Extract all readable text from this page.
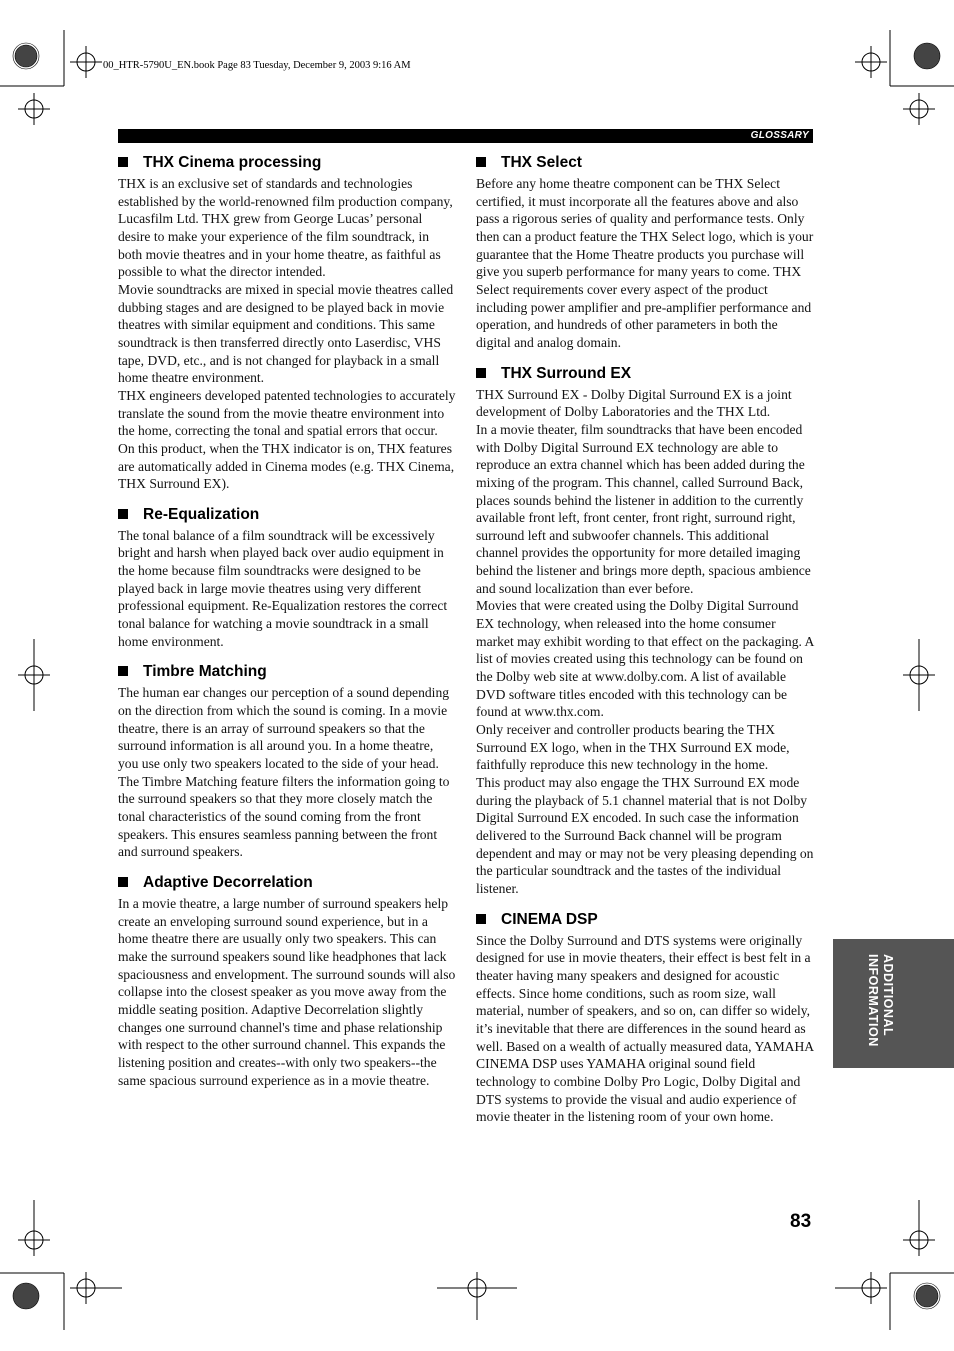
00_HTR-5790U_EN.book Page 83 Tuesday, December 9, 2003 9:16 AM
GLOSSARY
THX Cinema processing

THX is an exclusive set of standards and technologies established by the world-renowned film production company, Lucasfilm Ltd. THX grew from George Lucas’ personal desire to make your experience of the film soundtrack, in both movie theatres and in your home theatre, as faithful as possible to what the director intended.

Movie soundtracks are mixed in special movie theatres called dubbing stages and are designed to be played back in movie theatres with similar equipment and conditions. This same soundtrack is then transferred directly onto Laserdisc, VHS tape, DVD, etc., and is not changed for playback in a small home theatre environment.

THX engineers developed patented technologies to accurately translate the sound from the movie theatre environment into the home, correcting the tonal and spatial errors that occur. On this product, when the THX indicator is on, THX features are automatically added in Cinema modes (e.g. THX Cinema, THX Surround EX).

Re-Equalization

The tonal balance of a film soundtrack will be excessively bright and harsh when played back over audio equipment in the home because film soundtracks were designed to be played back in large movie theatres using very different professional equipment. Re-Equalization restores the correct tonal balance for watching a movie soundtrack in a small home environment.

Timbre Matching

The human ear changes our perception of a sound depending on the direction from which the sound is coming. In a movie theatre, there is an array of surround speakers so that the surround information is all around you. In a home theatre, you use only two speakers located to the side of your head. The Timbre Matching feature filters the information going to the surround speakers so that they more closely match the tonal characteristics of the sound coming from the front speakers. This ensures seamless panning between the front and surround speakers.

Adaptive Decorrelation

In a movie theatre, a large number of surround speakers help create an enveloping surround sound experience, but in a home theatre there are usually only two speakers. This can make the surround speakers sound like headphones that lack spaciousness and envelopment. The surround sounds will also collapse into the closest speaker as you move away from the middle seating position. Adaptive Decorrelation slightly changes one surround channel's time and phase relationship with respect to the other surround channel. This expands the listening position and creates--with only two speakers--the same spacious surround experience as in a movie theatre.

THX Select

Before any home theatre component can be THX Select certified, it must incorporate all the features above and also pass a rigorous series of quality and performance tests. Only then can a product feature the THX Select logo, which is your guarantee that the Home Theatre products you purchase will give you superb performance for many years to come. THX Select requirements cover every aspect of the product including power amplifier and pre-amplifier performance and operation, and hundreds of other parameters in both the digital and analog domain.

THX Surround EX

THX Surround EX - Dolby Digital Surround EX is a joint development of Dolby Laboratories and the THX Ltd.

In a movie theater, film soundtracks that have been encoded with Dolby Digital Surround EX technology are able to reproduce an extra channel which has been added during the mixing of the program. This channel, called Surround Back, places sounds behind the listener in addition to the currently available front left, front center, front right, surround right, surround left and subwoofer channels. This additional channel provides the opportunity for more detailed imaging behind the listener and brings more depth, spacious ambience and sound localization than ever before.

Movies that were created using the Dolby Digital Surround EX technology, when released into the home consumer market may exhibit wording to that effect on the packaging. A list of movies created using this technology can be found on the Dolby web site at www.dolby.com. A list of available DVD software titles encoded with this technology can be found at www.thx.com.

Only receiver and controller products bearing the THX Surround EX logo, when in the THX Surround EX mode, faithfully reproduce this new technology in the home.

This product may also engage the THX Surround EX mode during the playback of 5.1 channel material that is not Dolby Digital Surround EX encoded. In such case the information delivered to the Surround Back channel will be program dependent and may or may not be very pleasing depending on the particular soundtrack and the tastes of the individual listener.

CINEMA DSP

Since the Dolby Surround and DTS systems were originally designed for use in movie theaters, their effect is best felt in a theater having many speakers and designed for acoustic effects. Since home conditions, such as room size, wall material, number of speakers, and so on, can differ so widely, it’s inevitable that there are differences in the sound heard as well. Based on a wealth of actually measured data, YAMAHA CINEMA DSP uses YAMAHA original sound field technology to combine Dolby Pro Logic, Dolby Digital and DTS systems to provide the visual and audio experience of movie theater in the listening room of your own home.

ADDITIONAL
INFORMATION
83
